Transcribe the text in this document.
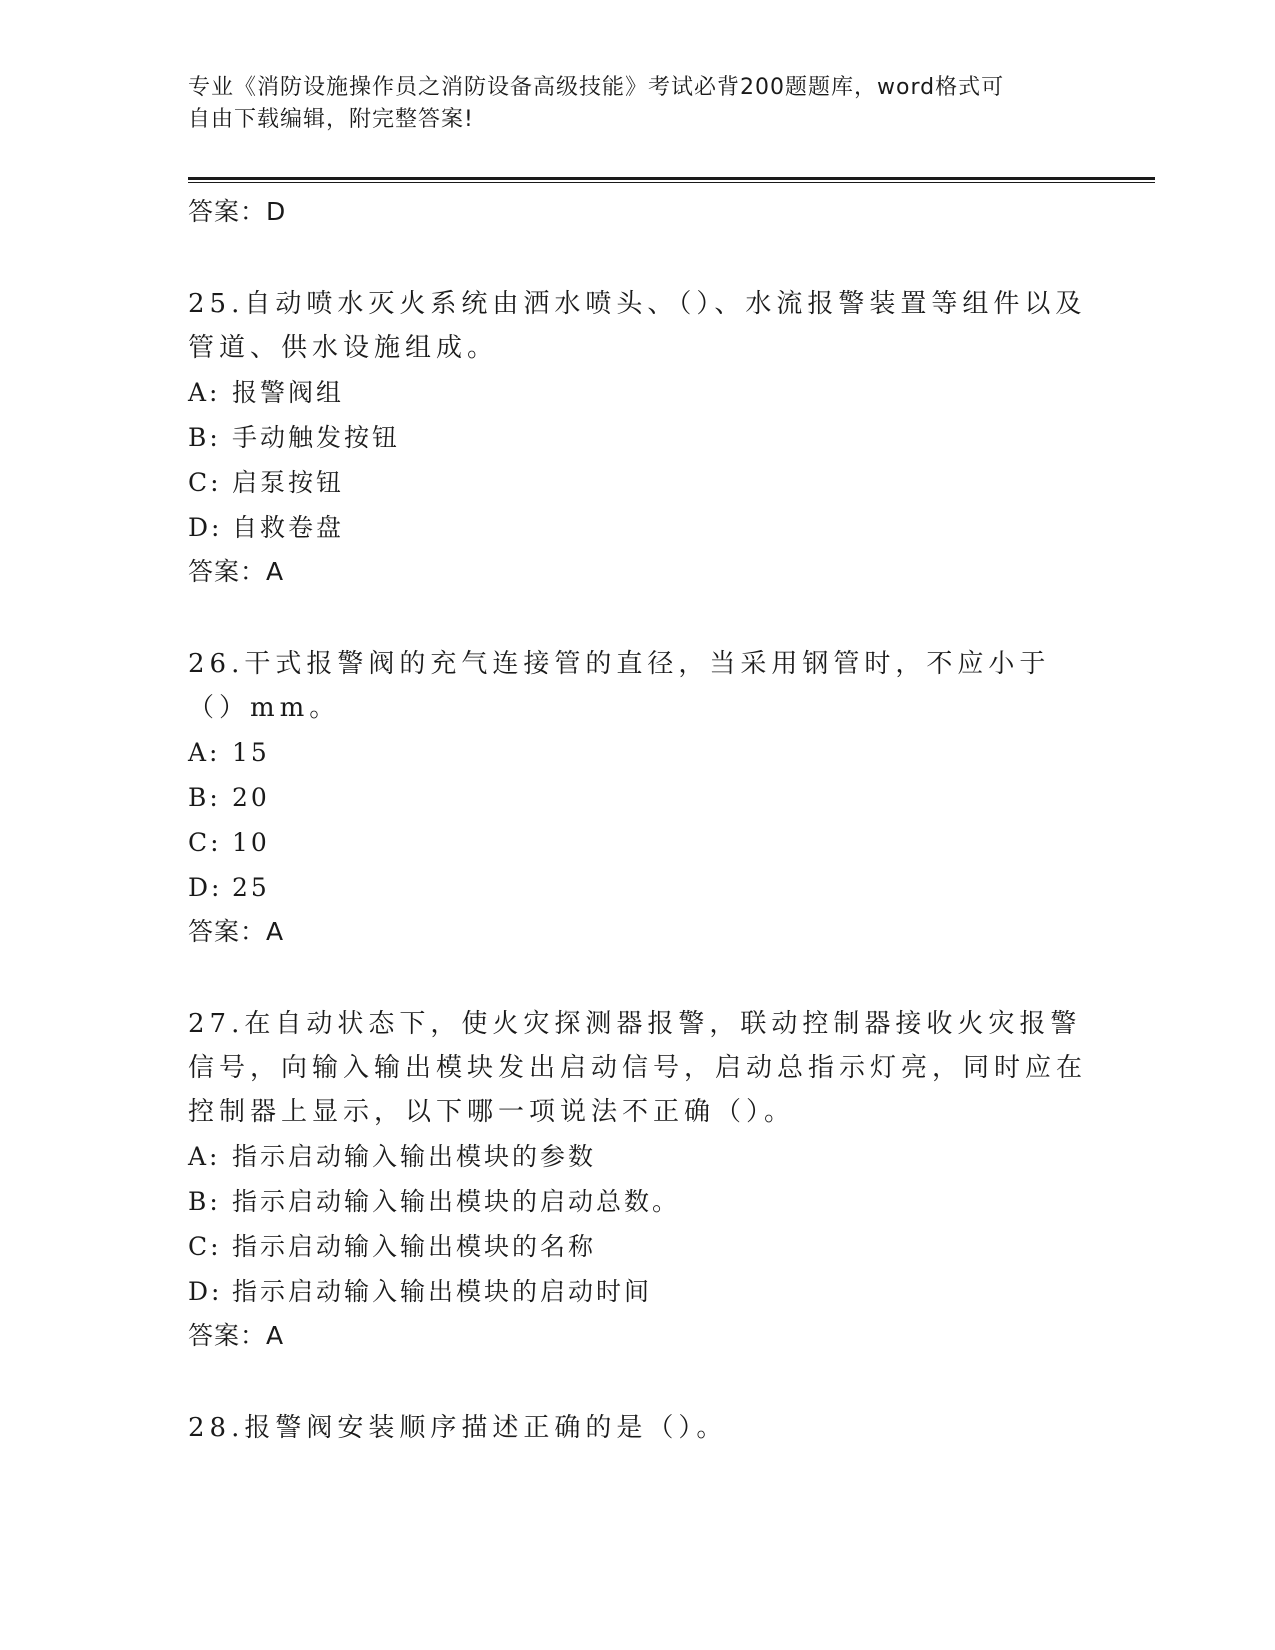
专业《消防设施操作员之消防设备高级技能》考试必背200题题库，word格式可
自由下载编辑，附完整答案!
答案：D
25.自动喷水灭火系统由洒水喷头、（）、水流报警装置等组件以及管道、供水设施组成。
A: 报警阀组
B: 手动触发按钮
C: 启泵按钮
D: 自救卷盘
答案：A
26.干式报警阀的充气连接管的直径，当采用钢管时，不应小于（）mm。
A: 15
B: 20
C: 10
D: 25
答案：A
27.在自动状态下，使火灾探测器报警，联动控制器接收火灾报警信号，向输入输出模块发出启动信号，启动总指示灯亮，同时应在控制器上显示，以下哪一项说法不正确（）。
A: 指示启动输入输出模块的参数
B: 指示启动输入输出模块的启动总数。
C: 指示启动输入输出模块的名称
D: 指示启动输入输出模块的启动时间
答案：A
28.报警阀安装顺序描述正确的是（）。
